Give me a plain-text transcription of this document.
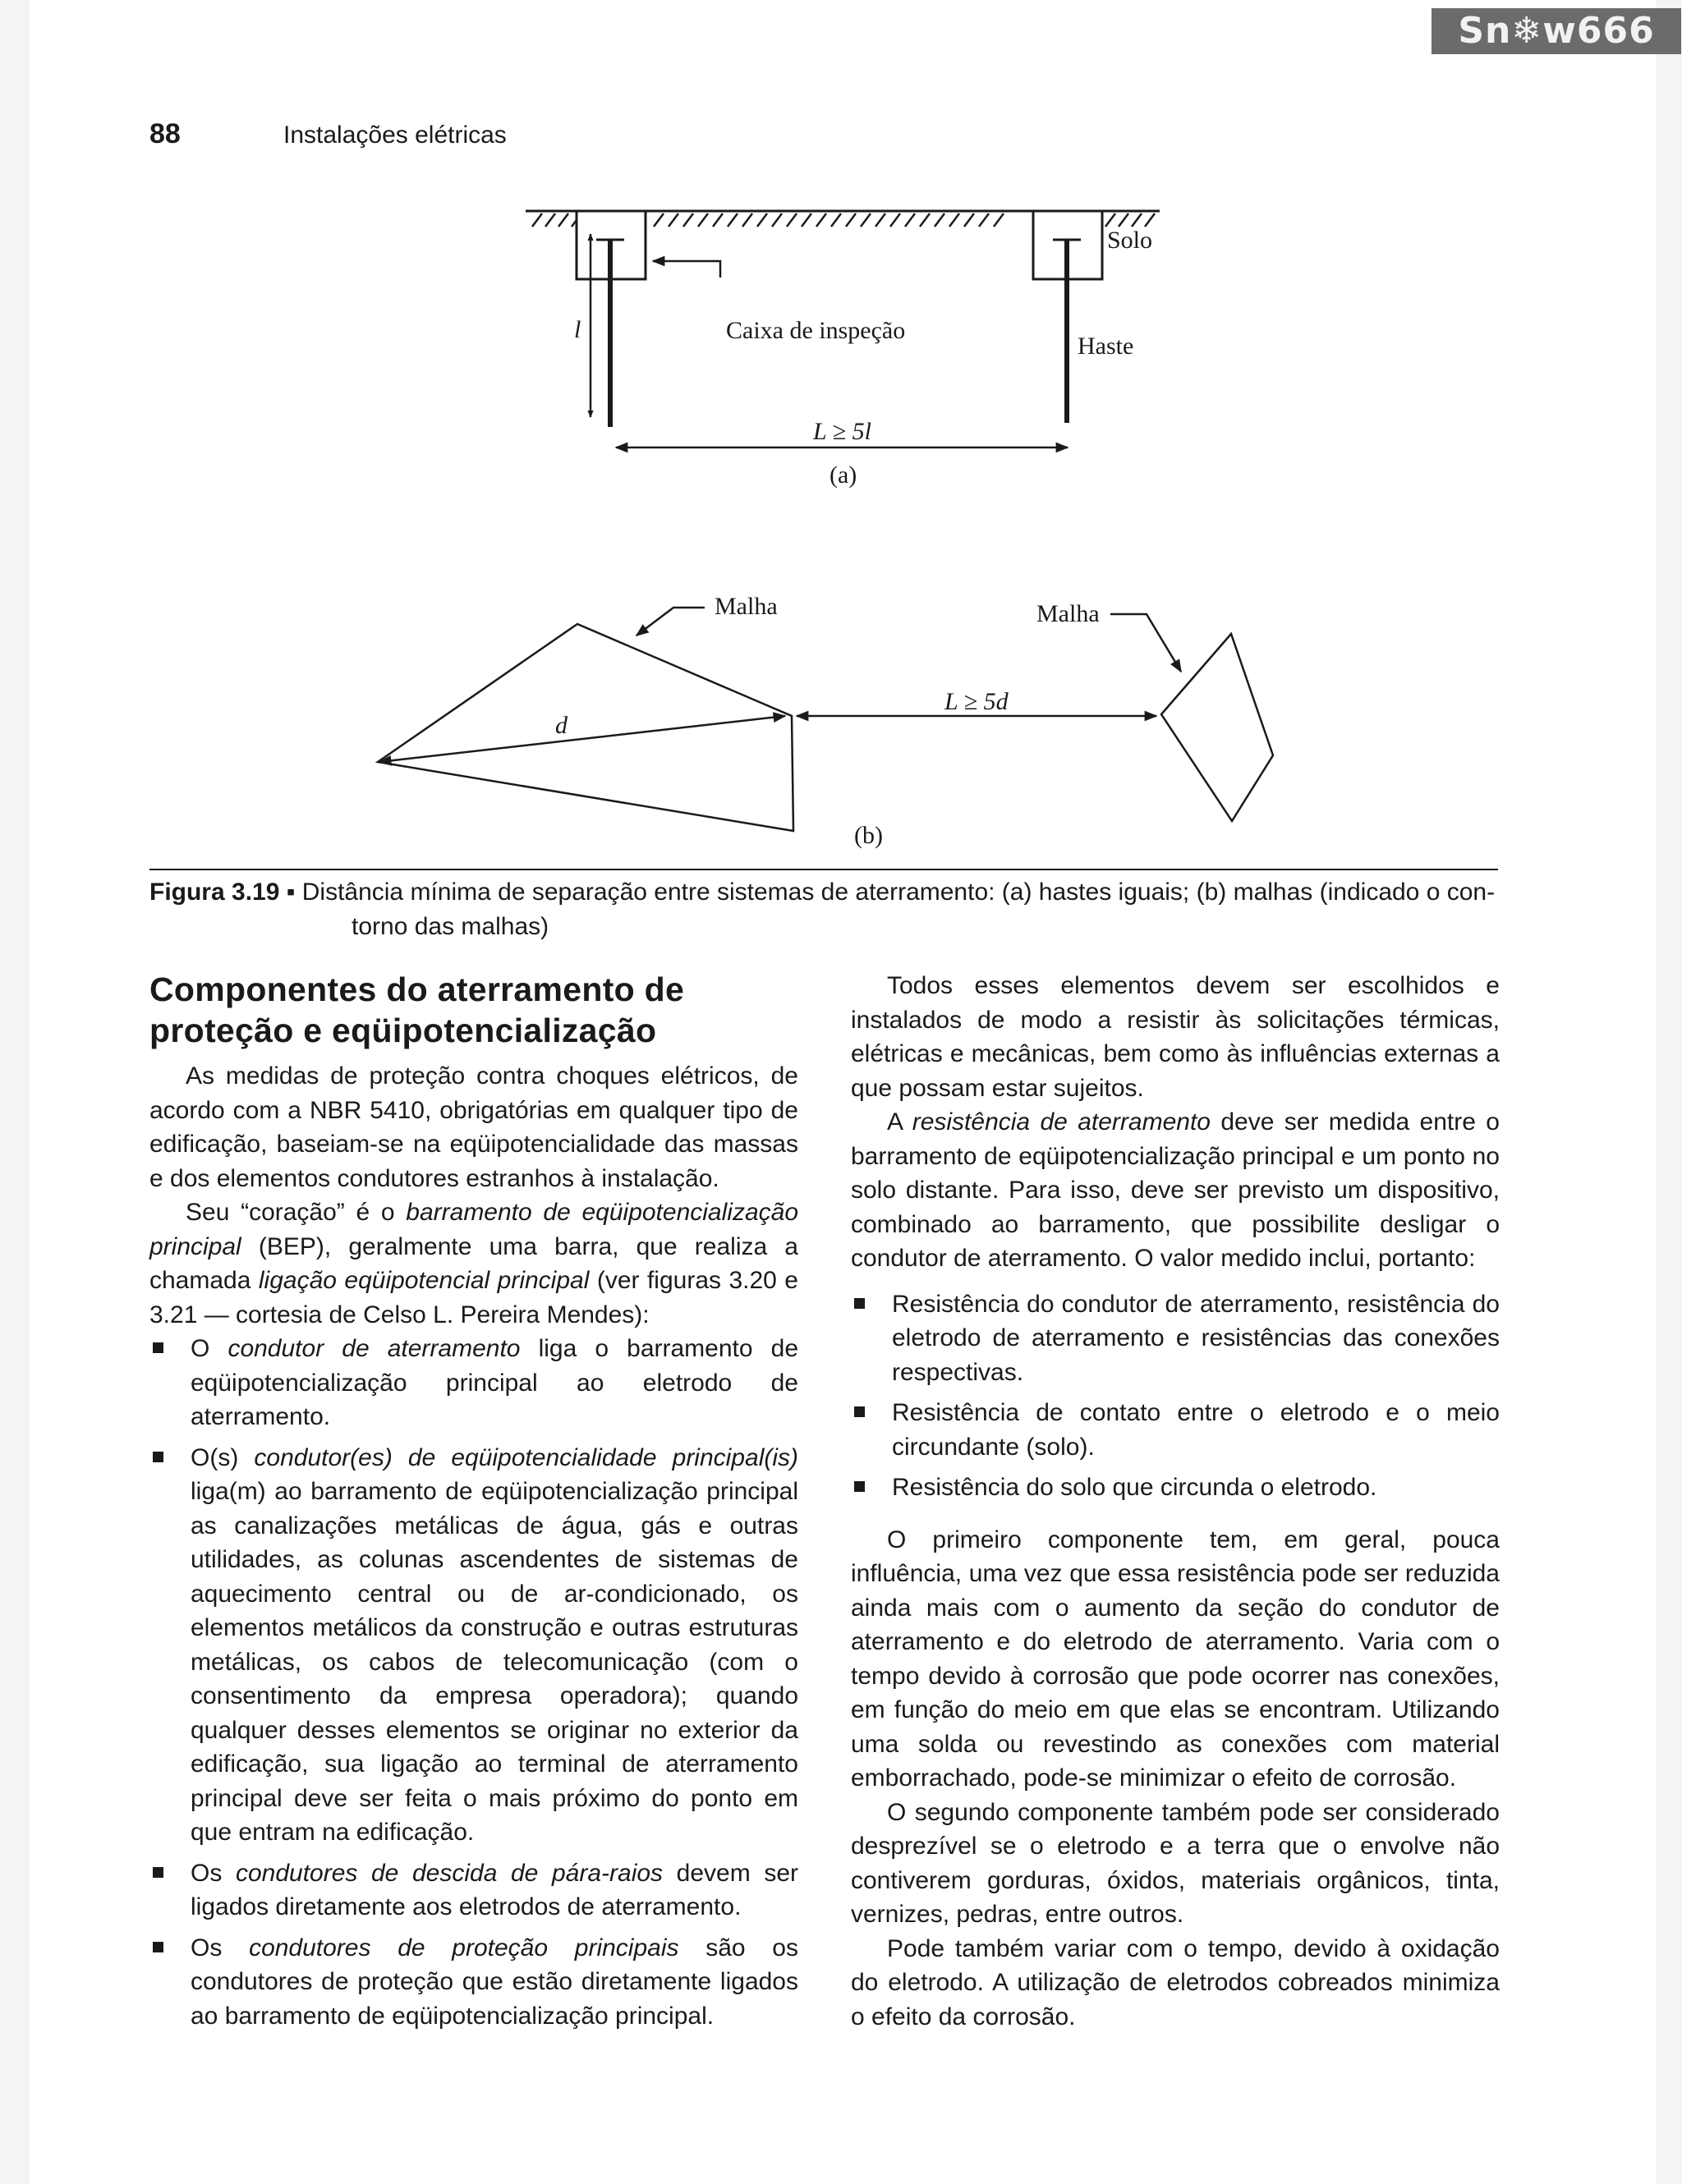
Sn❄w666
88	Instalações elétricas
Solo
Caixa de inspeção
Haste
l
L ≥ 5l
(a)
Malha	Malha
d
L ≥ 5d
(b)

Figura 3.19 ▪ Distância mínima de separação entre sistemas de aterramento: (a) hastes iguais; (b) malhas (indicado o con-
torno das malhas)

Componentes do aterramento de proteção e eqüipotencialização

As medidas de proteção contra choques elétricos, de acordo com a NBR 5410, obrigatórias em qualquer tipo de edificação, baseiam-se na eqüipotencialidade das massas e dos elementos condutores estranhos à instalação.

Seu “coração” é o barramento de eqüipotencialização principal (BEP), geralmente uma barra, que realiza a chamada ligação eqüipotencial principal (ver figuras 3.20 e 3.21 — cortesia de Celso L. Pereira Mendes):

O condutor de aterramento liga o barramento de eqüipotencialização principal ao eletrodo de aterramento.
O(s) condutor(es) de eqüipotencialidade principal(is) liga(m) ao barramento de eqüipotencialização principal as canalizações metálicas de água, gás e outras utilidades, as colunas ascendentes de sistemas de aquecimento central ou de ar-condicionado, os elementos metálicos da construção e outras estruturas metálicas, os cabos de telecomunicação (com o consentimento da empresa operadora); quando qualquer desses elementos se originar no exterior da edificação, sua ligação ao terminal de aterramento principal deve ser feita o mais próximo do ponto em que entram na edificação.
Os condutores de descida de pára-raios devem ser ligados diretamente aos eletrodos de aterramento.
Os condutores de proteção principais são os condutores de proteção que estão diretamente ligados ao barramento de eqüipotencialização principal.

Todos esses elementos devem ser escolhidos e instalados de modo a resistir às solicitações térmicas, elétricas e mecânicas, bem como às influências externas a que possam estar sujeitos.

A resistência de aterramento deve ser medida entre o barramento de eqüipotencialização principal e um ponto no solo distante. Para isso, deve ser previsto um dispositivo, combinado ao barramento, que possibilite desligar o condutor de aterramento. O valor medido inclui, portanto:

Resistência do condutor de aterramento, resistência do eletrodo de aterramento e resistências das conexões respectivas.
Resistência de contato entre o eletrodo e o meio circundante (solo).
Resistência do solo que circunda o eletrodo.

O primeiro componente tem, em geral, pouca influência, uma vez que essa resistência pode ser reduzida ainda mais com o aumento da seção do condutor de aterramento e do eletrodo de aterramento. Varia com o tempo devido à corrosão que pode ocorrer nas conexões, em função do meio em que elas se encontram. Utilizando uma solda ou revestindo as conexões com material emborrachado, pode-se minimizar o efeito de corrosão.

O segundo componente também pode ser considerado desprezível se o eletrodo e a terra que o envolve não contiverem gorduras, óxidos, materiais orgânicos, tinta, vernizes, pedras, entre outros.

Pode também variar com o tempo, devido à oxidação do eletrodo. A utilização de eletrodos cobreados minimiza o efeito da corrosão.
